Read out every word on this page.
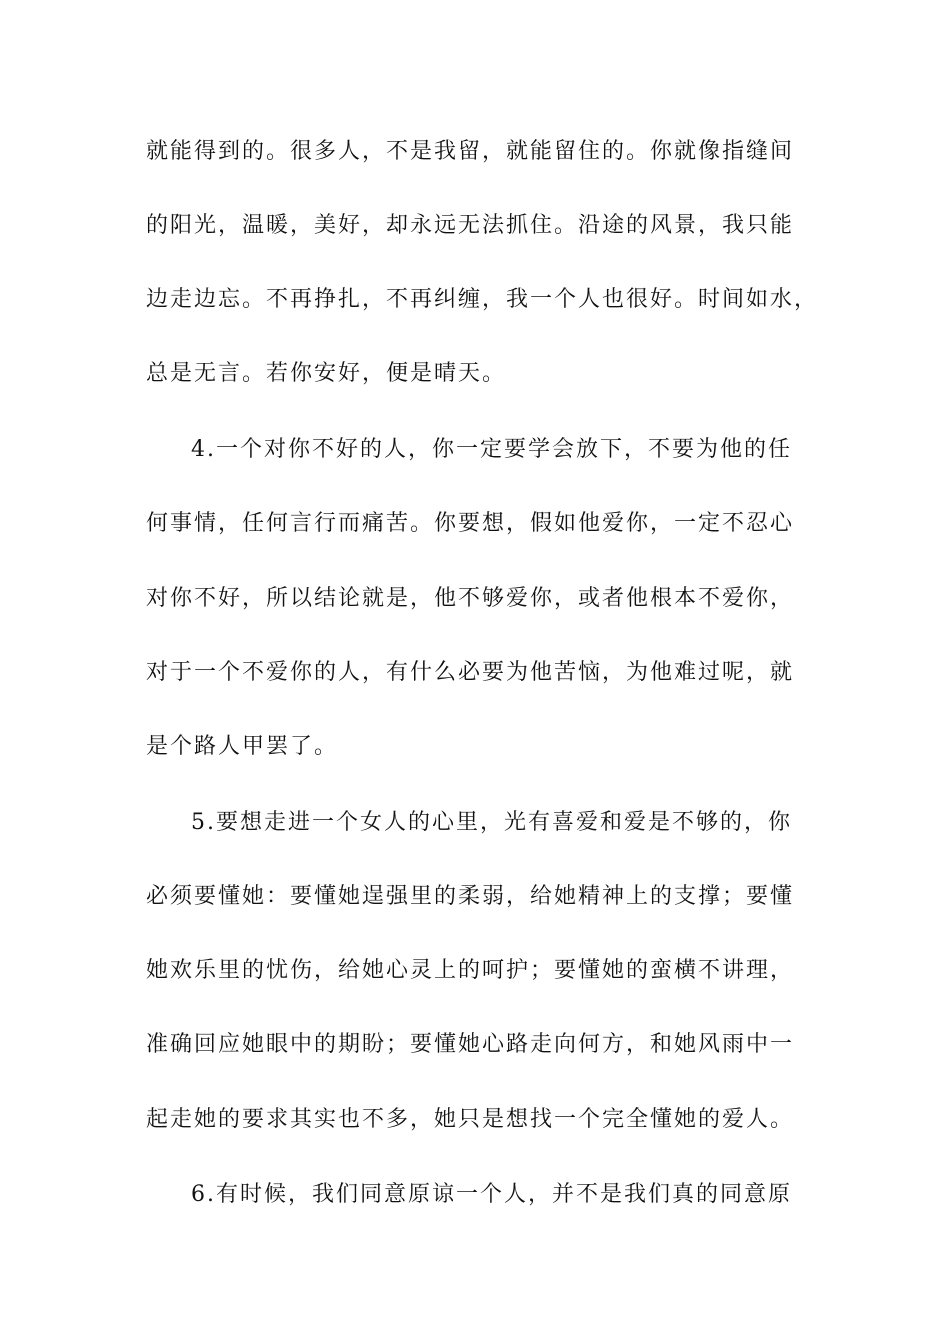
就能得到的。很多人，不是我留，就能留住的。你就像指缝间
的阳光，温暖，美好，却永远无法抓住。沿途的风景，我只能
边走边忘。不再挣扎，不再纠缠，我一个人也很好。时间如水，
总是无言。若你安好，便是晴天。
4.一个对你不好的人，你一定要学会放下，不要为他的任
何事情，任何言行而痛苦。你要想，假如他爱你，一定不忍心
对你不好，所以结论就是，他不够爱你，或者他根本不爱你，
对于一个不爱你的人，有什么必要为他苦恼，为他难过呢，就
是个路人甲罢了。
5.要想走进一个女人的心里，光有喜爱和爱是不够的，你
必须要懂她：要懂她逞强里的柔弱，给她精神上的支撑；要懂
她欢乐里的忧伤，给她心灵上的呵护；要懂她的蛮横不讲理，
准确回应她眼中的期盼；要懂她心路走向何方，和她风雨中一
起走她的要求其实也不多，她只是想找一个完全懂她的爱人。
6.有时候，我们同意原谅一个人，并不是我们真的同意原
